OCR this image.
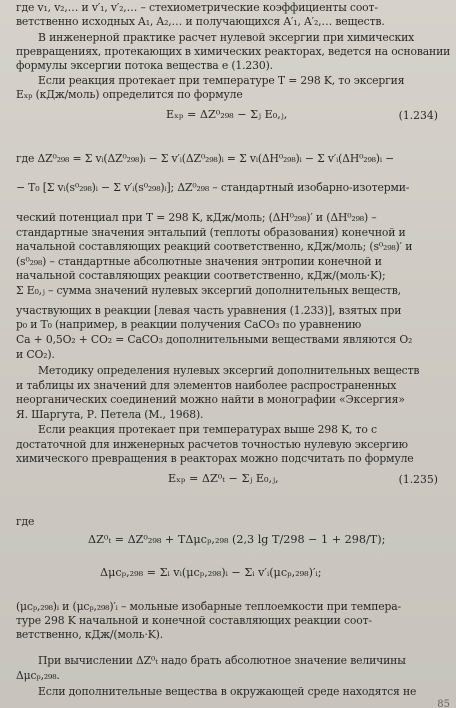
где v₁, v₂,… и v′₁, v′₂,… – стехиометрические коэффициенты соот-
ветственно исходных A₁, A₂,… и получающихся A′₁, A′₂,… веществ.
В инженерной практике расчет нулевой эксергии при химических
превращениях, протекающих в химических реакторах, ведется на основании
формулы эксергии потока вещества e (1.230).
Если реакция протекает при температуре T = 298 K, то эксергия
Eₓₚ (кДж/моль) определится по формуле
Eₓₚ = ΔZ⁰₂₉₈ − Σⱼ E₀,ⱼ,	(1.234)
где ΔZ⁰₂₉₈ = Σ vᵢ(ΔZ⁰₂₉₈)ᵢ − Σ v′ᵢ(ΔZ⁰₂₉₈)ᵢ = Σ vᵢ(ΔH⁰₂₉₈)ᵢ − Σ v′ᵢ(ΔH⁰₂₉₈)ᵢ −
− T₀ [Σ vᵢ(s⁰₂₉₈)ᵢ − Σ v′ᵢ(s⁰₂₉₈)ᵢ]; ΔZ⁰₂₉₈ – стандартный изобарно-изотерми-
ческий потенциал при T = 298 K, кДж/моль; (ΔH⁰₂₉₈)′ и (ΔH⁰₂₉₈) –
стандартные значения энтальпий (теплоты образования) конечной и
начальной составляющих реакций соответственно, кДж/моль; (s⁰₂₉₈)′ и
(s⁰₂₉₈) – стандартные абсолютные значения энтропии конечной и
начальной составляющих реакции соответственно, кДж/(моль·K);
Σ E₀,ⱼ – сумма значений нулевых эксергий дополнительных веществ,
участвующих в реакции [левая часть уравнения (1.233)], взятых при
p₀ и T₀ (например, в реакции получения CaCO₃ по уравнению
Ca + 0,5O₂ + CO₂ = CaCO₃ дополнительными веществами являются O₂
и CO₂).
Методику определения нулевых эксергий дополнительных веществ
и таблицы их значений для элементов наиболее распространенных
неорганических соединений можно найти в монографии «Эксергия»
Я. Шаргута, Р. Петела (М., 1968).
Если реакция протекает при температурах выше 298 K, то с
достаточной для инженерных расчетов точностью нулевую эксергию
химического превращения в реакторах можно подсчитать по формуле
Eₓₚ = ΔZ⁰ₜ − Σⱼ E₀,ⱼ,	(1.235)
где
ΔZ⁰ₜ = ΔZ⁰₂₉₈ + TΔμcₚ,₂₉₈ (2,3 lg T/298 − 1 + 298/T);
Δμcₚ,₂₉₈ = Σᵢ vᵢ(μcₚ,₂₉₈)ᵢ − Σᵢ v′ᵢ(μcₚ,₂₉₈)′ᵢ;
(μcₚ,₂₉₈)ᵢ и (μcₚ,₂₉₈)′ᵢ – мольные изобарные теплоемкости при темпера-
туре 298 K начальной и конечной составляющих реакции соот-
ветственно, кДж/(моль·K).
При вычислении ΔZ⁰ₜ надо брать абсолютное значение величины
Δμcₚ,₂₉₈.
Если дополнительные вещества в окружающей среде находятся не
85
